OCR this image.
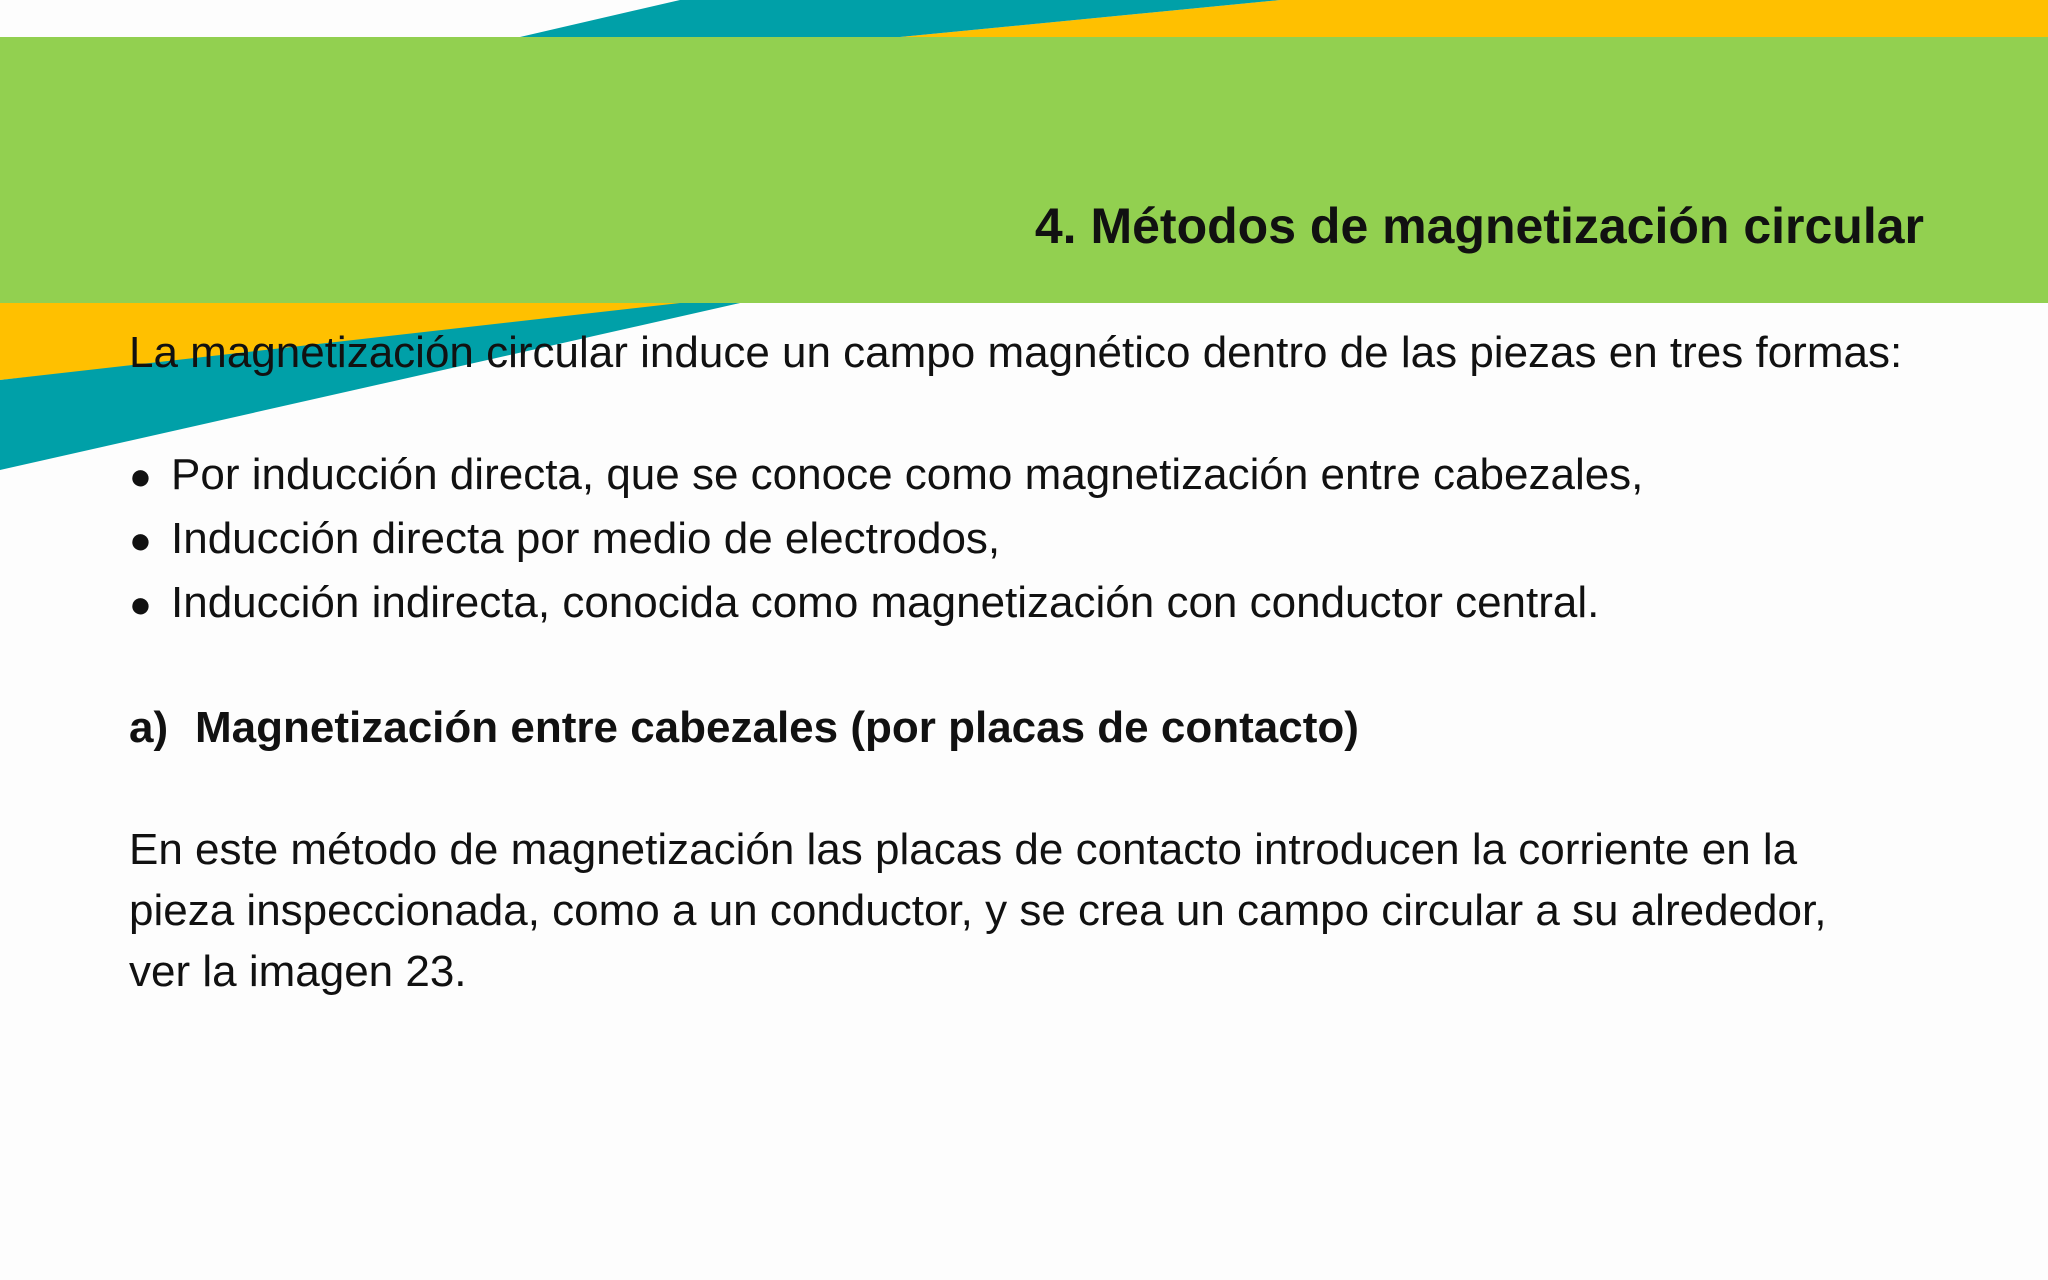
4. Métodos de magnetización circular

La magnetización circular induce un campo magnético dentro de las piezas en tres formas:

● Por inducción directa, que se conoce como magnetización entre cabezales,
● Inducción directa por medio de electrodos,
● Inducción indirecta, conocida como magnetización con conductor central.
a) Magnetización entre cabezales (por placas de contacto)

En este método de magnetización las placas de contacto introducen la corriente en la pieza inspeccionada, como a un conductor, y se crea un campo circular a su alrededor, ver la imagen 23.
